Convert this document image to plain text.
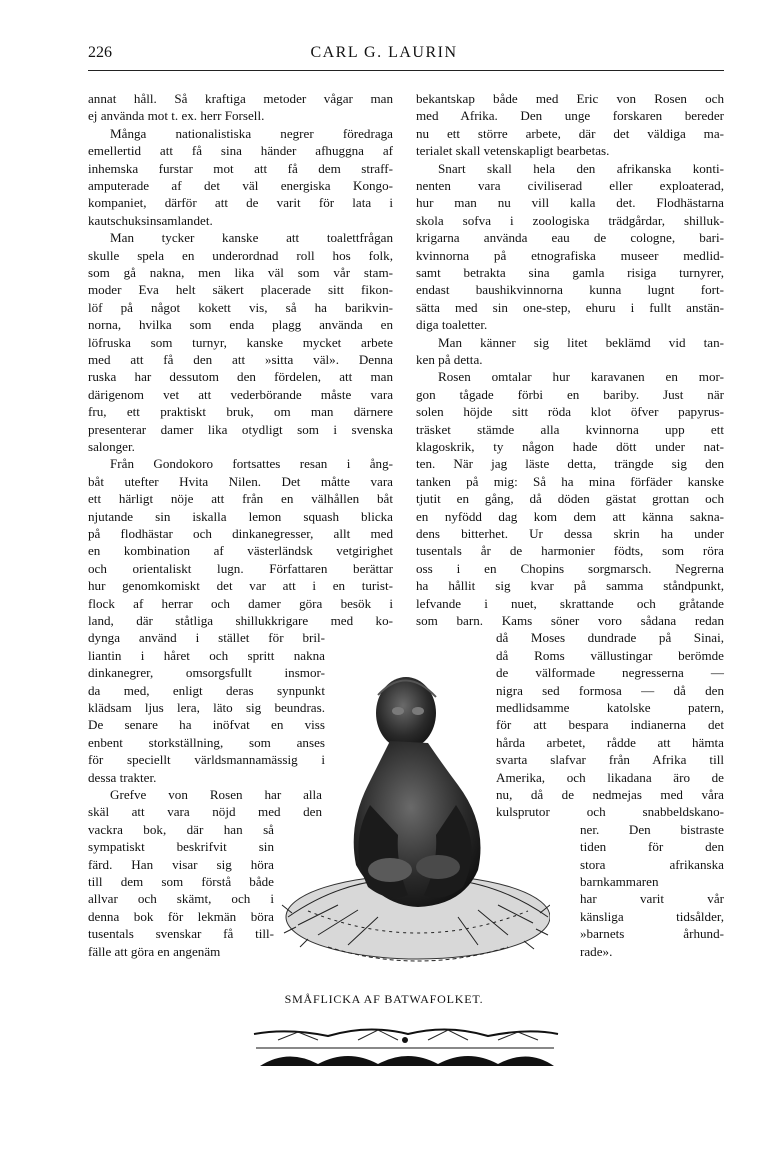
226	CARL G. LAURIN
annat håll. Så kraftiga metoder vågar man
ej använda mot t. ex. herr Forsell.
Många nationalistiska negrer föredraga
emellertid att få sina händer afhuggna af
inhemska furstar mot att få dem straff-
amputerade af det väl energiska Kongo-
kompaniet, därför att de varit för lata i
kautschuksinsamlandet.
Man tycker kanske att toalettfrågan
skulle spela en underordnad roll hos folk,
som gå nakna, men lika väl som vår stam-
moder Eva helt säkert placerade sitt fikon-
löf på något kokett vis, så ha barikvin-
norna, hvilka som enda plagg använda en
löfruska som turnyr, kanske mycket arbete
med att få den att »sitta väl». Denna
ruska har dessutom den fördelen, att man
därigenom vet att vederbörande måste vara
fru, ett praktiskt bruk, om man därnere
presenterar damer lika otydligt som i svenska
salonger.
Från Gondokoro fortsattes resan i ång-
båt utefter Hvita Nilen. Det måtte vara
ett härligt nöje att från en välhållen båt
njutande sin iskalla lemon squash blicka
på flodhästar och dinkanegresser, allt med
en kombination af västerländsk vetgirighet
och orientaliskt lugn. Författaren berättar
hur genomkomiskt det var att i en turist-
flock af herrar och damer göra besök i
land, där ståtliga shillukkrigare med ko-
dynga använd i stället för bril-
liantin i håret och spritt nakna
dinkanegrer, omsorgsfullt insmor-
da med, enligt deras synpunkt
klädsam ljus lera, läto sig beundras.
De senare ha inöfvat en viss
enbent storkställning, som anses
för speciellt världsmannamässig i
dessa trakter.
Grefve von Rosen har alla
skäl att vara nöjd med den
vackra bok, där han så
sympatiskt beskrifvit sin
färd. Han visar sig höra
till dem som förstå både
allvar och skämt, och i
denna bok för lekmän böra
tusentals svenskar få till-
fälle att göra en angenäm
bekantskap både med Eric von Rosen och
med Afrika. Den unge forskaren bereder
nu ett större arbete, där det väldiga ma-
terialet skall vetenskapligt bearbetas.
Snart skall hela den afrikanska konti-
nenten vara civiliserad eller exploaterad,
hur man nu vill kalla det. Flodhästarna
skola sofva i zoologiska trädgårdar, shilluk-
krigarna använda eau de cologne, bari-
kvinnorna på etnografiska museer medlid-
samt betrakta sina gamla risiga turnyrer,
endast baushikvinnorna kunna lugnt fort-
sätta med sin one-step, ehuru i fullt anstän-
diga toaletter.
Man känner sig litet beklämd vid tan-
ken på detta.
Rosen omtalar hur karavanen en mor-
gon tågade förbi en bariby. Just när
solen höjde sitt röda klot öfver papyrus-
träsket stämde alla kvinnorna upp ett
klagoskrik, ty någon hade dött under nat-
ten. När jag läste detta, trängde sig den
tanken på mig: Så ha mina förfäder kanske
tjutit en gång, då döden gästat grottan och
en nyfödd dag kom dem att känna sakna-
dens bitterhet. Ur dessa skrin ha under
tusentals år de harmonier födts, som röra
oss i en Chopins sorgmarsch. Negrerna
ha hållit sig kvar på samma ståndpunkt,
lefvande i nuet, skrattande och gråtande
som barn. Kams söner voro sådana redan
då Moses dundrade på Sinai,
då Roms vällustingar berömde
de välformade negresserna —
nigra sed formosa — då den
medlidsamme katolske patern,
för att bespara indianerna det
hårda arbetet, rådde att hämta
svarta slafvar från Afrika till
Amerika, och likadana äro de
nu, då de nedmejas med våra
kulsprutor och snabbeldskano-
ner. Den bistraste
tiden för den
stora afrikanska
barnkammaren
har varit vår
känsliga tidsålder,
»barnets århund-
rade».
SMÅFLICKA AF BATWAFOLKET.
